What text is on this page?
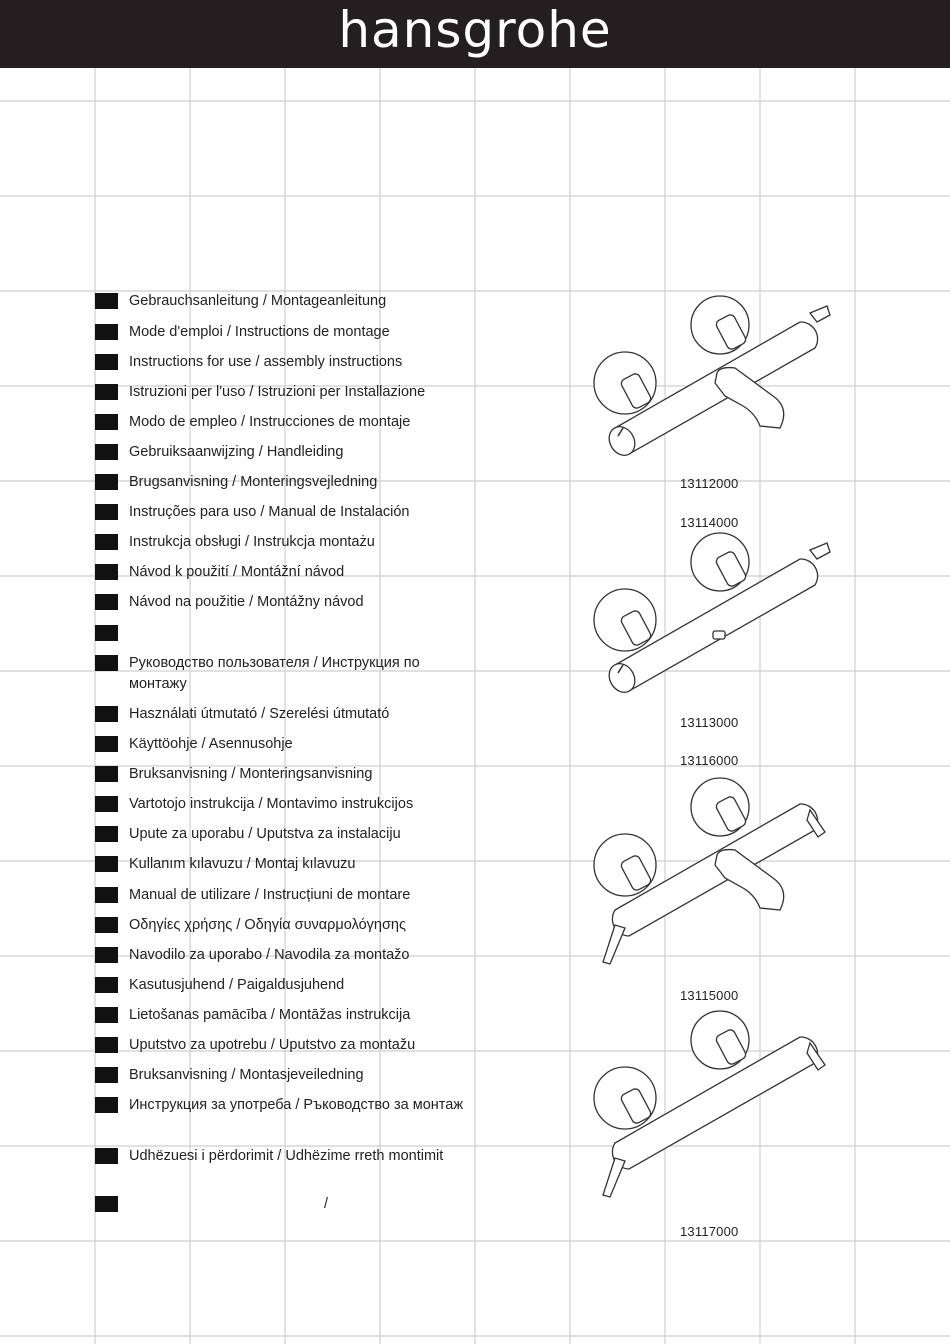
hansgrohe
Gebrauchsanleitung / Montageanleitung
Mode d'emploi / Instructions de montage
Instructions for use / assembly instructions
Istruzioni per l'uso / Istruzioni per Installazione
Modo de empleo / Instrucciones de montaje
Gebruiksaanwijzing / Handleiding
Brugsanvisning / Monteringsvejledning
Instruções para uso / Manual de Instalación
Instrukcja obsługi / Instrukcja montażu
Návod k použití / Montážní návod
Návod na použitie / Montážny návod
Руководство пользователя / Инструкция по монтажу
Használati útmutató / Szerelési útmutató
Käyttöohje / Asennusohje
Bruksanvisning / Monteringsanvisning
Vartotojo instrukcija / Montavimo instrukcijos
Upute za uporabu / Uputstva za instalaciju
Kullanım kılavuzu / Montaj kılavuzu
Manual de utilizare / Instrucțiuni de montare
Οδηγίες χρήσης / Οδηγία συναρμολόγησης
Navodilo za uporabo / Navodila za montažo
Kasutusjuhend / Paigaldusjuhend
Lietošanas pamācība / Montāžas instrukcija
Uputstvo za upotrebu / Uputstvo za montažu
Bruksanvisning / Montasjeveiledning
Инструкция за употреба / Ръководство за монтаж
Udhëzuesi i përdorimit / Udhëzime rreth montimit
/
13112000
13114000
13113000
13116000
13115000
13117000
